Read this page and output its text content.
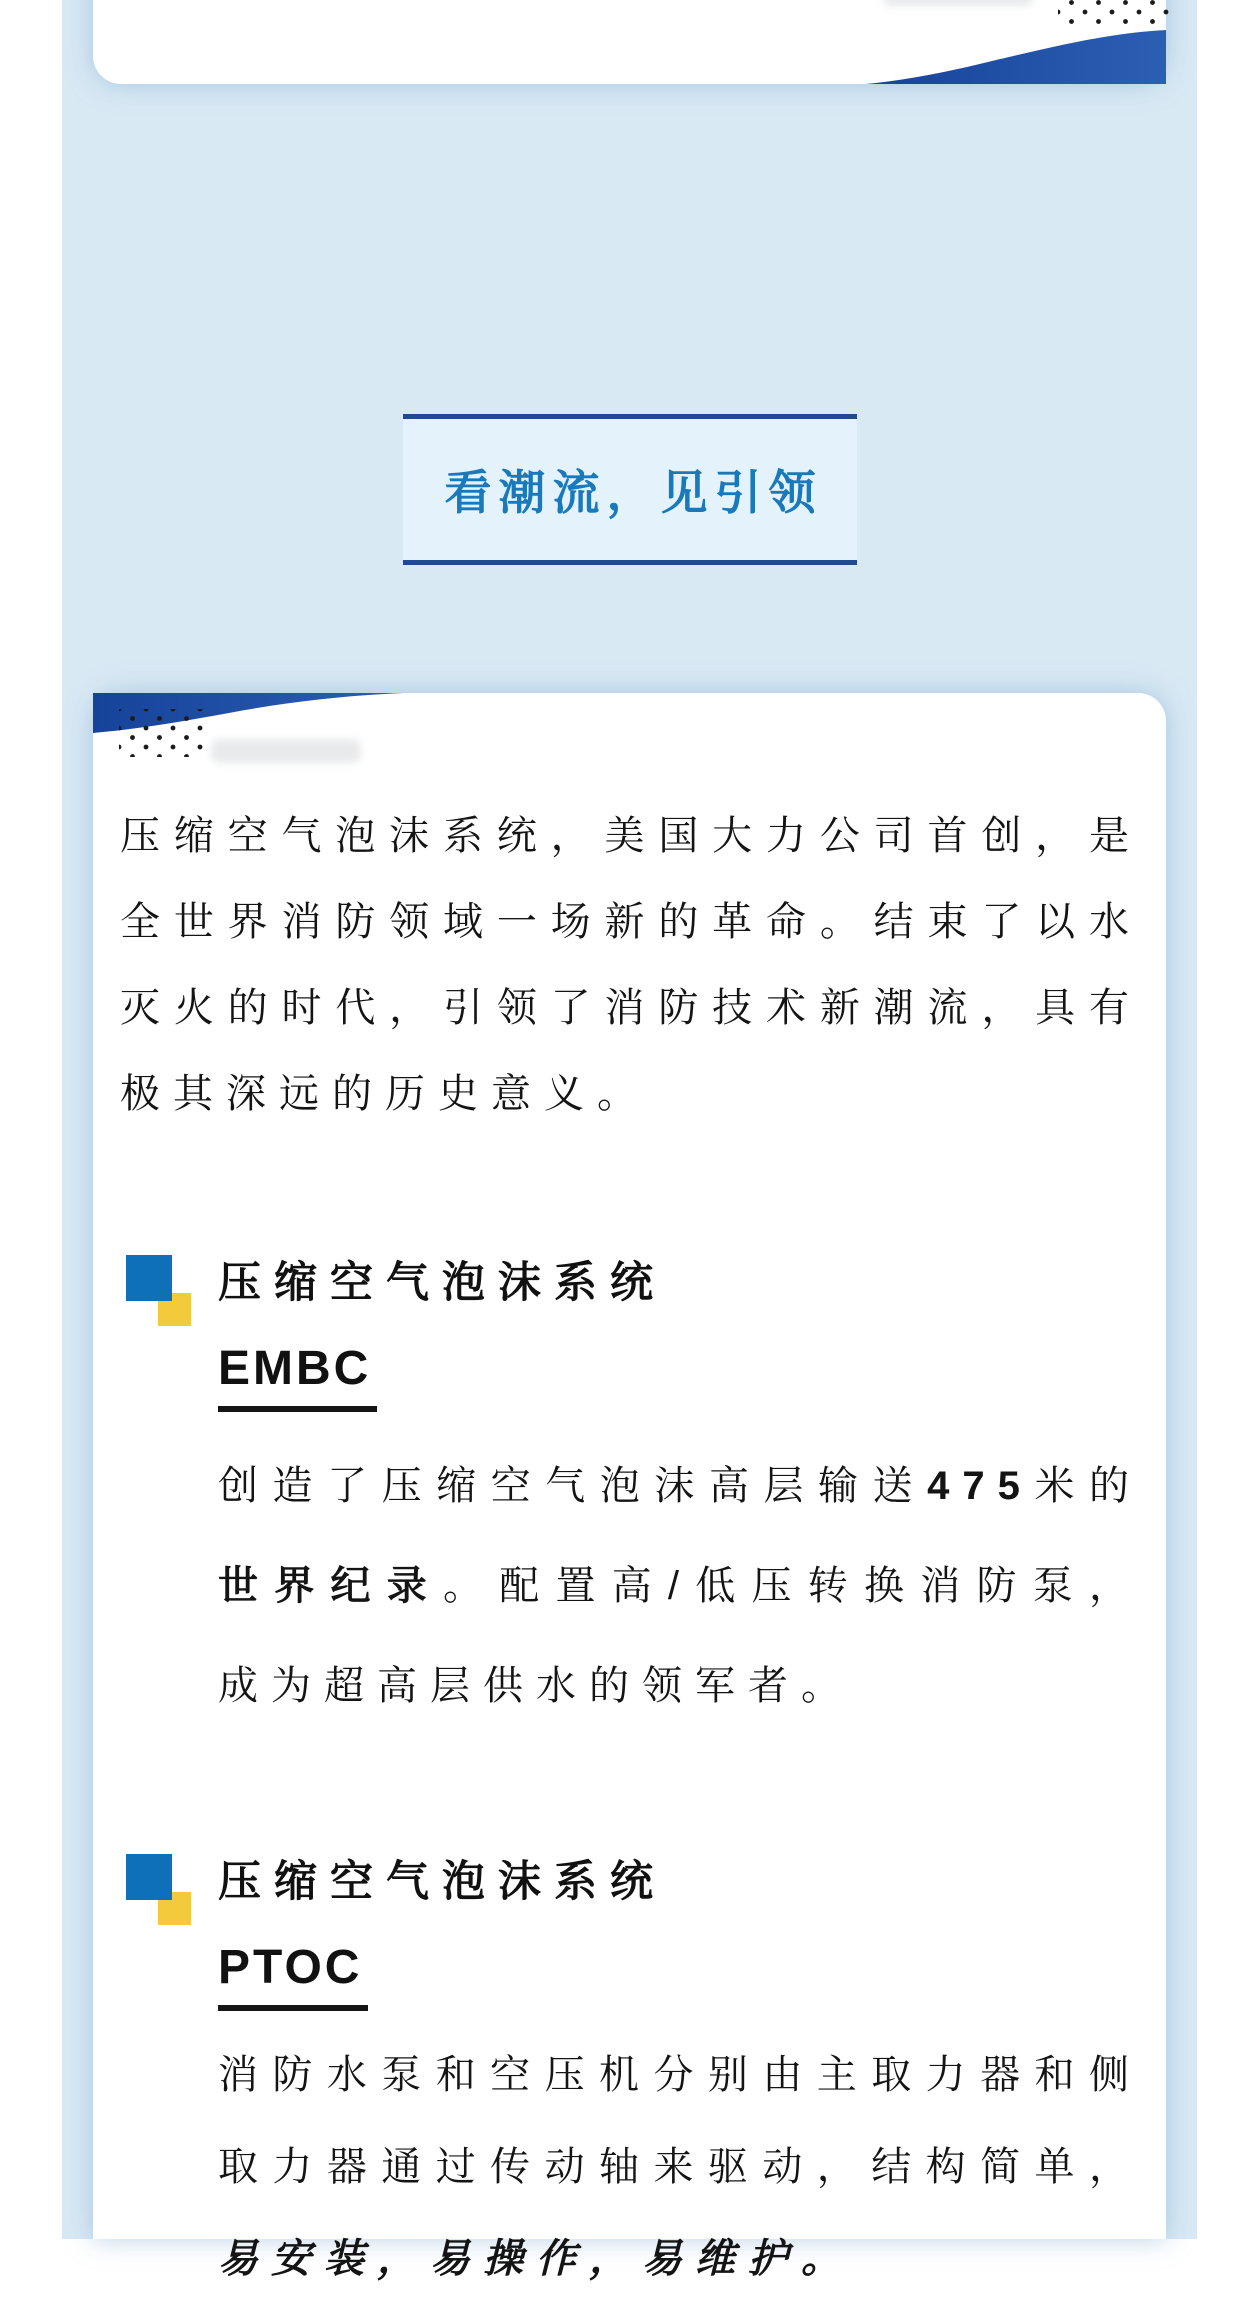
看潮流，见引领

压缩空气泡沫系统，美国大力公司首创，是全世界消防领域一场新的革命。结束了以水灭火的时代，引领了消防技术新潮流，具有极其深远的历史意义。

压缩空气泡沫系统
EMBC

创造了压缩空气泡沫高层输送475米的世界纪录。配置高/低压转换消防泵，成为超高层供水的领军者。

压缩空气泡沫系统
PTOC

消防水泵和空压机分别由主取力器和侧取力器通过传动轴来驱动，结构简单，易安装，易操作，易维护。
